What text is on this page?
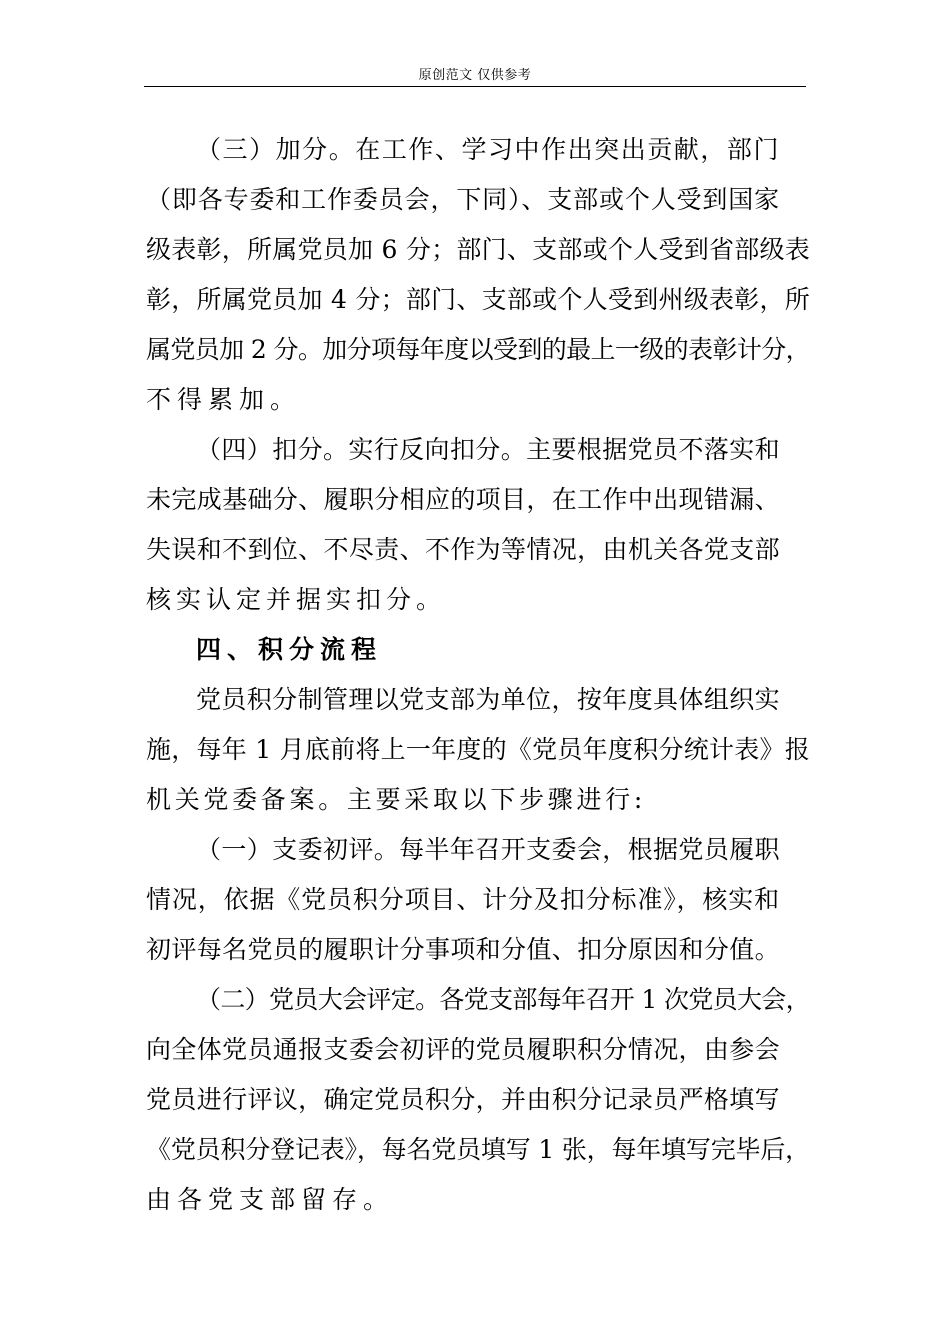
原创范文 仅供参考
（三）加分。在工作、学习中作出突出贡献，部门
（即各专委和工作委员会，下同）、支部或个人受到国家
级表彰，所属党员加 6 分；部门、支部或个人受到省部级表
彰，所属党员加 4 分；部门、支部或个人受到州级表彰，所
属党员加 2 分。加分项每年度以受到的最上一级的表彰计分，
不得累加。
（四）扣分。实行反向扣分。主要根据党员不落实和
未完成基础分、履职分相应的项目，在工作中出现错漏、
失误和不到位、不尽责、不作为等情况，由机关各党支部
核实认定并据实扣分。
四、积分流程
党员积分制管理以党支部为单位，按年度具体组织实
施，每年 1 月底前将上一年度的《党员年度积分统计表》报
机关党委备案。主要采取以下步骤进行:
（一）支委初评。每半年召开支委会，根据党员履职
情况，依据《党员积分项目、计分及扣分标准》，核实和
初评每名党员的履职计分事项和分值、扣分原因和分值。
（二）党员大会评定。各党支部每年召开 1 次党员大会，
向全体党员通报支委会初评的党员履职积分情况，由参会
党员进行评议，确定党员积分，并由积分记录员严格填写
《党员积分登记表》，每名党员填写 1 张，每年填写完毕后，
由各党支部留存。
